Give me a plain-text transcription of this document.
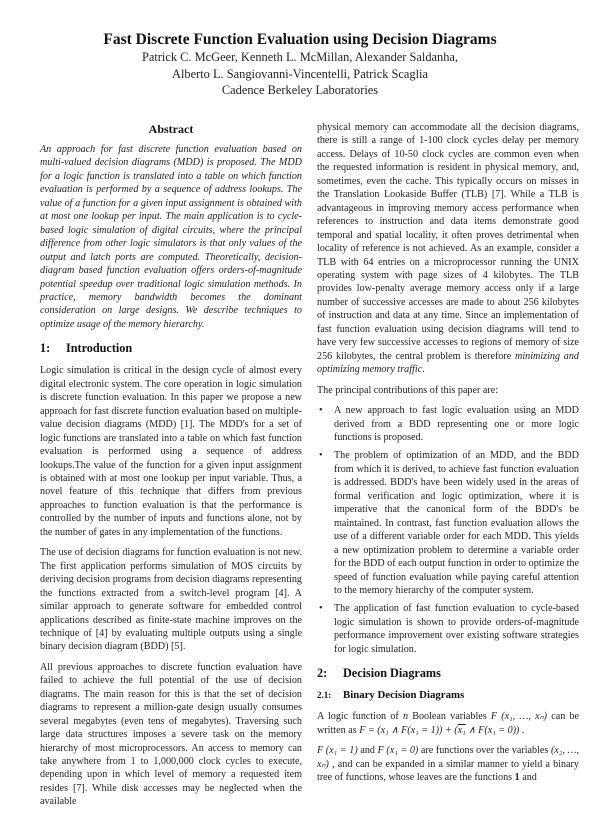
Fast Discrete Function Evaluation using Decision Diagrams
Patrick C. McGeer, Kenneth L. McMillan, Alexander Saldanha,
Alberto L. Sangiovanni-Vincentelli, Patrick Scaglia
Cadence Berkeley Laboratories
Abstract

An approach for fast discrete function evaluation based on multi-valued decision diagrams (MDD) is proposed. The MDD for a logic function is translated into a table on which function evaluation is performed by a sequence of address lookups. The value of a function for a given input assignment is obtained with at most one lookup per input. The main application is to cycle-based logic simulation of digital circuits, where the principal difference from other logic simulators is that only values of the output and latch ports are computed. Theoretically, decision-diagram based function evaluation offers orders-of-magnitude potential speedup over traditional logic simulation methods. In practice, memory bandwidth becomes the dominant consideration on large designs. We describe techniques to optimize usage of the memory hierarchy.

1: Introduction

Logic simulation is critical in the design cycle of almost every digital electronic system. The core operation in logic simulation is discrete function evaluation. In this paper we propose a new approach for fast discrete function evaluation based on multiple-value decision diagrams (MDD) [1]. The MDD's for a set of logic functions are translated into a table on which fast function evaluation is performed using a sequence of address lookups.The value of the function for a given input assignment is obtained with at most one lookup per input variable. Thus, a novel feature of this technique that differs from previous approaches to function evaluation is that the performance is controlled by the number of inputs and functions alone, not by the number of gates in any implementation of the functions.

The use of decision diagrams for function evaluation is not new. The first application performs simulation of MOS circuits by deriving decision programs from decision diagrams representing the functions extracted from a switch-level program [4]. A similar approach to generate software for embedded control applications described as finite-state machine improves on the technique of [4] by evaluating multiple outputs using a single binary decision diagram (BDD) [5].

All previous approaches to discrete function evaluation have failed to achieve the full potential of the use of decision diagrams. The main reason for this is that the set of decision diagrams to represent a million-gate design usually consumes several megabytes (even tens of megabytes). Traversing such large data structures imposes a severe task on the memory hierarchy of most microprocessors. An access to memory can take anywhere from 1 to 1,000,000 clock cycles to execute, depending upon in which level of memory a requested item resides [7]. While disk accesses may be neglected when the available

physical memory can accommodate all the decision diagrams, there is still a range of 1-100 clock cycles delay per memory access. Delays of 10-50 clock cycles are common even when the requested information is resident in physical memory, and, sometimes, even the cache. This typically occurs on misses in the Translation Lookaside Buffer (TLB) [7]. While a TLB is advantageous in improving memory access performance when references to instruction and data items demonstrate good temporal and spatial locality, it often proves detrimental when locality of reference is not achieved. As an example, consider a TLB with 64 entries on a microprocessor running the UNIX operating system with page sizes of 4 kilobytes. The TLB provides low-penalty average memory access only if a large number of successive accesses are made to about 256 kilobytes of instruction and data at any time. Since an implementation of fast function evaluation using decision diagrams will tend to have very few successive accesses to regions of memory of size 256 kilobytes, the central problem is therefore minimizing and optimizing memory traffic.

The principal contributions of this paper are:

• A new approach to fast logic evaluation using an MDD derived from a BDD representing one or more logic functions is proposed.
• The problem of optimization of an MDD, and the BDD from which it is derived, to achieve fast function evaluation is addressed. BDD's have been widely used in the areas of formal verification and logic optimization, where it is imperative that the canonical form of the BDD's be maintained. In contrast, fast function evaluation allows the use of a different variable order for each MDD. This yields a new optimization problem to determine a variable order for the BDD of each output function in order to optimize the speed of function evaluation while paying careful attention to the memory hierarchy of the computer system.
• The application of fast function evaluation to cycle-based logic simulation is shown to provide orders-of-magnitude performance improvement over existing software strategies for logic simulation.
2: Decision Diagrams
2.1: Binary Decision Diagrams

A logic function of n Boolean variables F (x₁, …, xₙ) can be written as F = (x₁ ∧ F(x₁ = 1)) + (x₁ ∧ F(x₁ = 0)) .

F (x₁ = 1) and F (x₁ = 0) are functions over the variables (x₂, …, xₙ) , and can be expanded in a similar manner to yield a binary tree of functions, whose leaves are the functions 1 and
